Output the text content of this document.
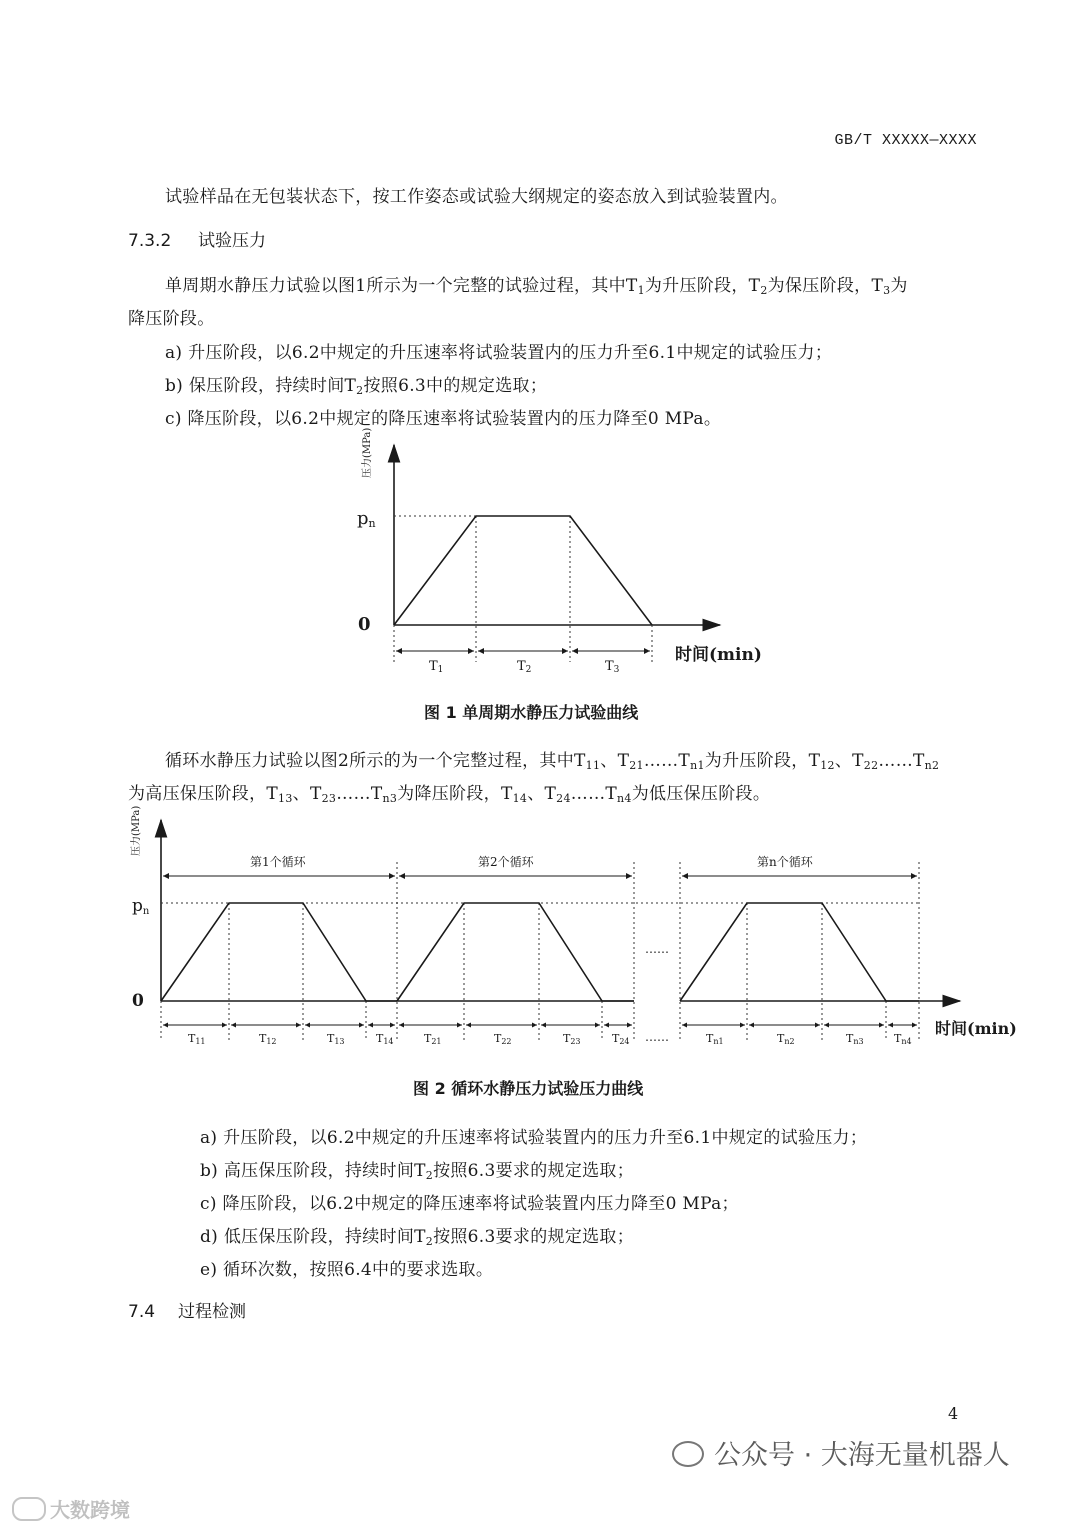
GB/T XXXXX—XXXX
试验样品在无包装状态下，按工作姿态或试验大纲规定的姿态放入到试验装置内。
7.3.2 试验压力
单周期水静压力试验以图1所示为一个完整的试验过程，其中$T_1$为升压阶段，$T_2$为保压阶段，$T_3$为
降压阶段。
a) 升压阶段，以6.2中规定的升压速率将试验装置内的压力升至6.1中规定的试验压力；
b) 保压阶段，持续时间$T_2$按照6.3中的规定选取；
c) 降压阶段，以6.2中规定的降压速率将试验装置内的压力降至0 MPa。
压力(MPa)
pn
0
时间(min)
T1	T2	T3
压力(MPa)
pn
0
第1个循环	第2个循环	第n个循环
……
……	时间(min)
T11	T12	T13	T14	T21	T22	T23	T24	Tn1	Tn2	Tn3	Tn4
图 1 单周期水静压力试验曲线
循环水静压力试验以图2所示的为一个完整过程，其中$T_{11}$、$T_{21}\dots\dots T_{n1}$为升压阶段，$T_{12}$、$T_{22}\dots\dots T_{n2}$
为高压保压阶段，$T_{13}$、$T_{23}\dots\dots T_{n3}$为降压阶段，$T_{14}$、$T_{24}\dots\dots T_{n4}$为低压保压阶段。
图 2 循环水静压力试验压力曲线
a) 升压阶段，以6.2中规定的升压速率将试验装置内的压力升至6.1中规定的试验压力；
b) 高压保压阶段，持续时间$T_2$按照6.3要求的规定选取；
c) 降压阶段，以6.2中规定的降压速率将试验装置内压力降至0 MPa；
d) 低压保压阶段，持续时间$T_2$按照6.3要求的规定选取；
e) 循环次数，按照6.4中的要求选取。
7.4 过程检测
4
大数跨境
公众号 · 大海无量机器人
